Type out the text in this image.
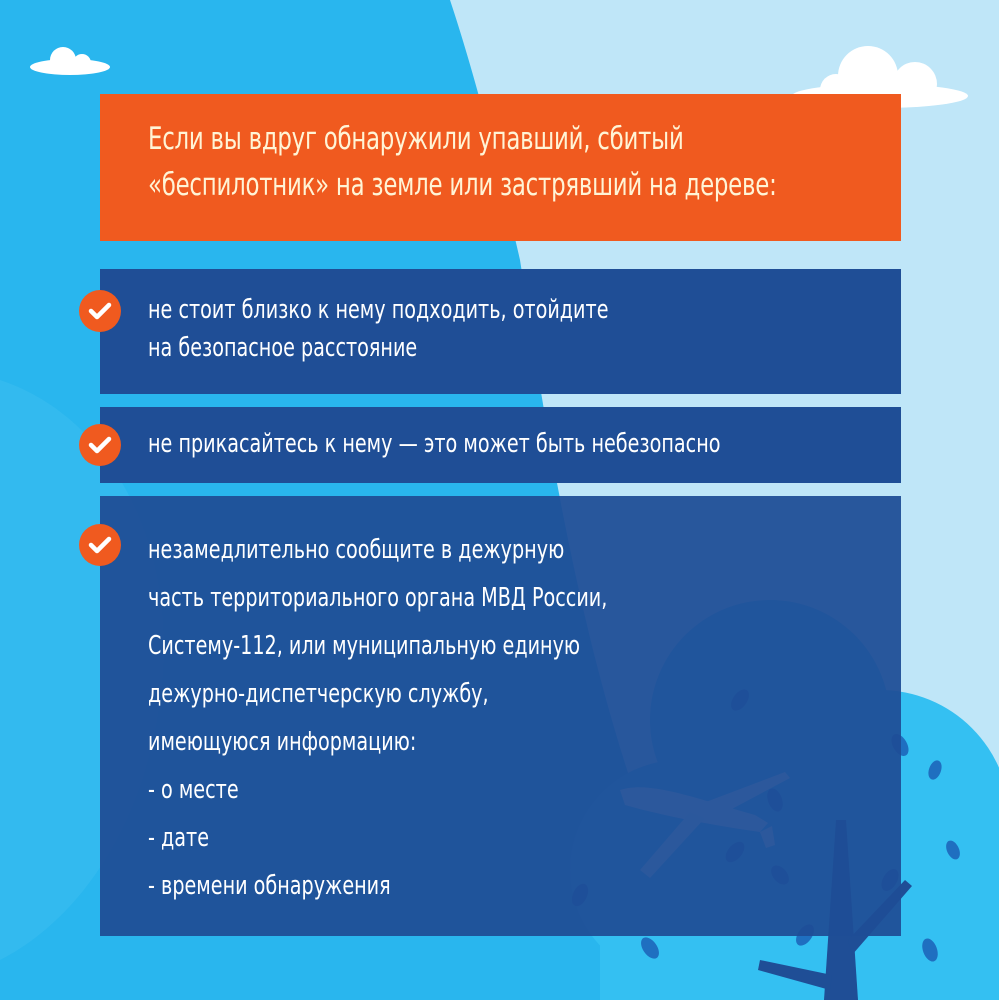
Если вы вдруг обнаружили упавший, сбитый
«беспилотник» на земле или застрявший на дереве:
не стоит близко к нему подходить, отойдите
на безопасное расстояние
не прикасайтесь к нему — это может быть небезопасно
незамедлительно сообщите в дежурную
часть территориального органа МВД России,
Систему-112, или муниципальную единую
дежурно-диспетчерскую службу,
имеющуюся информацию:
- о месте
- дате
- времени обнаружения
